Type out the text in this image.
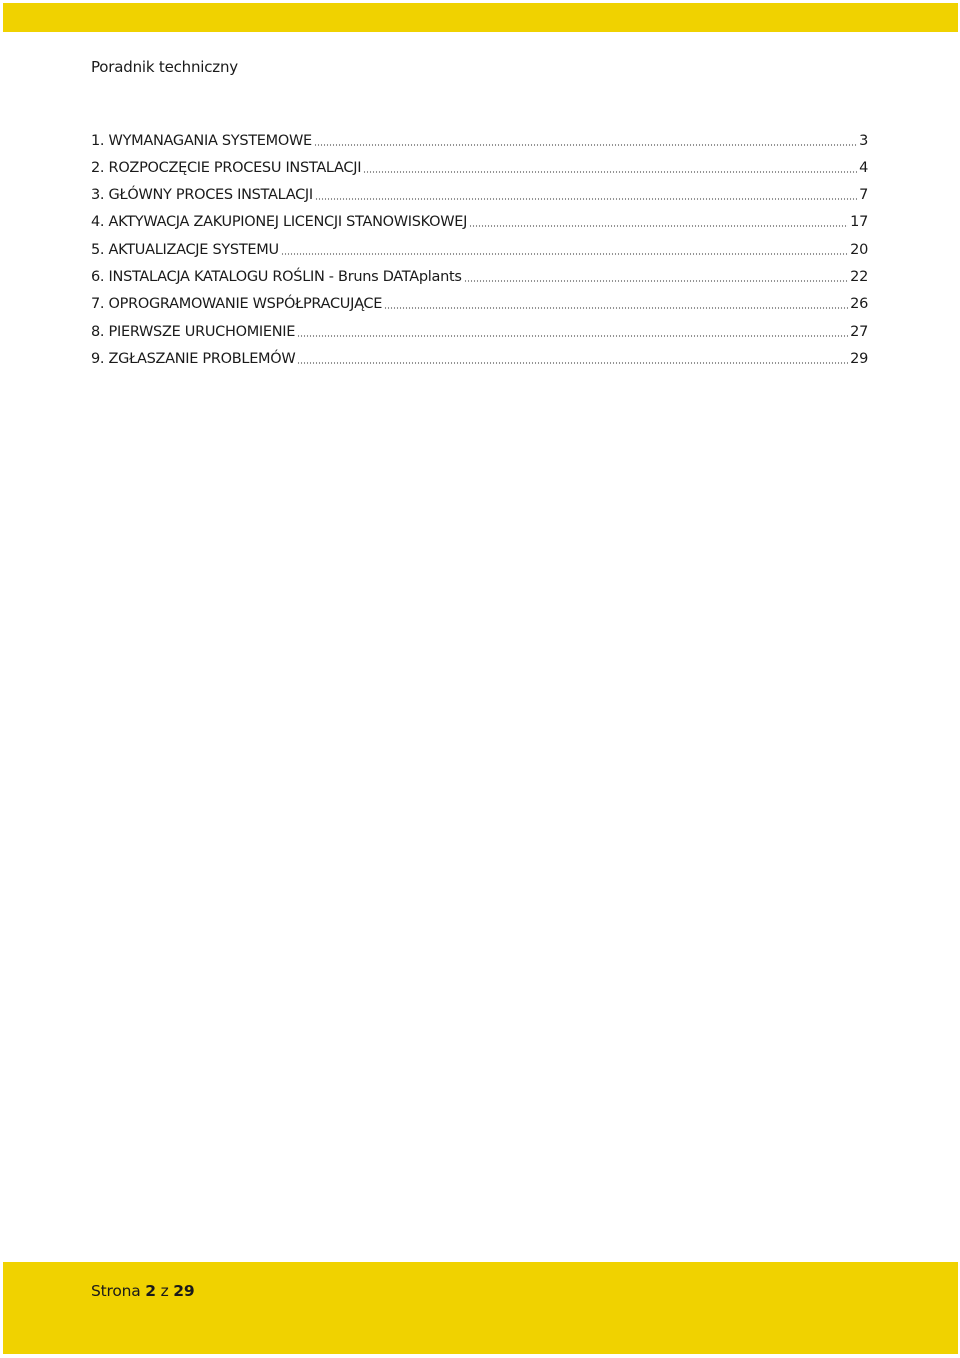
Poradnik techniczny
1. WYMANAGANIA SYSTEMOWE	3
2. ROZPOCZĘCIE PROCESU INSTALACJI	4
3. GŁÓWNY PROCES INSTALACJI	7
4. AKTYWACJA ZAKUPIONEJ LICENCJI STANOWISKOWEJ	17
5. AKTUALIZACJE SYSTEMU	20
6. INSTALACJA KATALOGU ROŚLIN - Bruns DATAplants	22
7. OPROGRAMOWANIE WSPÓŁPRACUJĄCE	26
8. PIERWSZE URUCHOMIENIE	27
9. ZGŁASZANIE PROBLEMÓW	29
Strona 2 z 29
